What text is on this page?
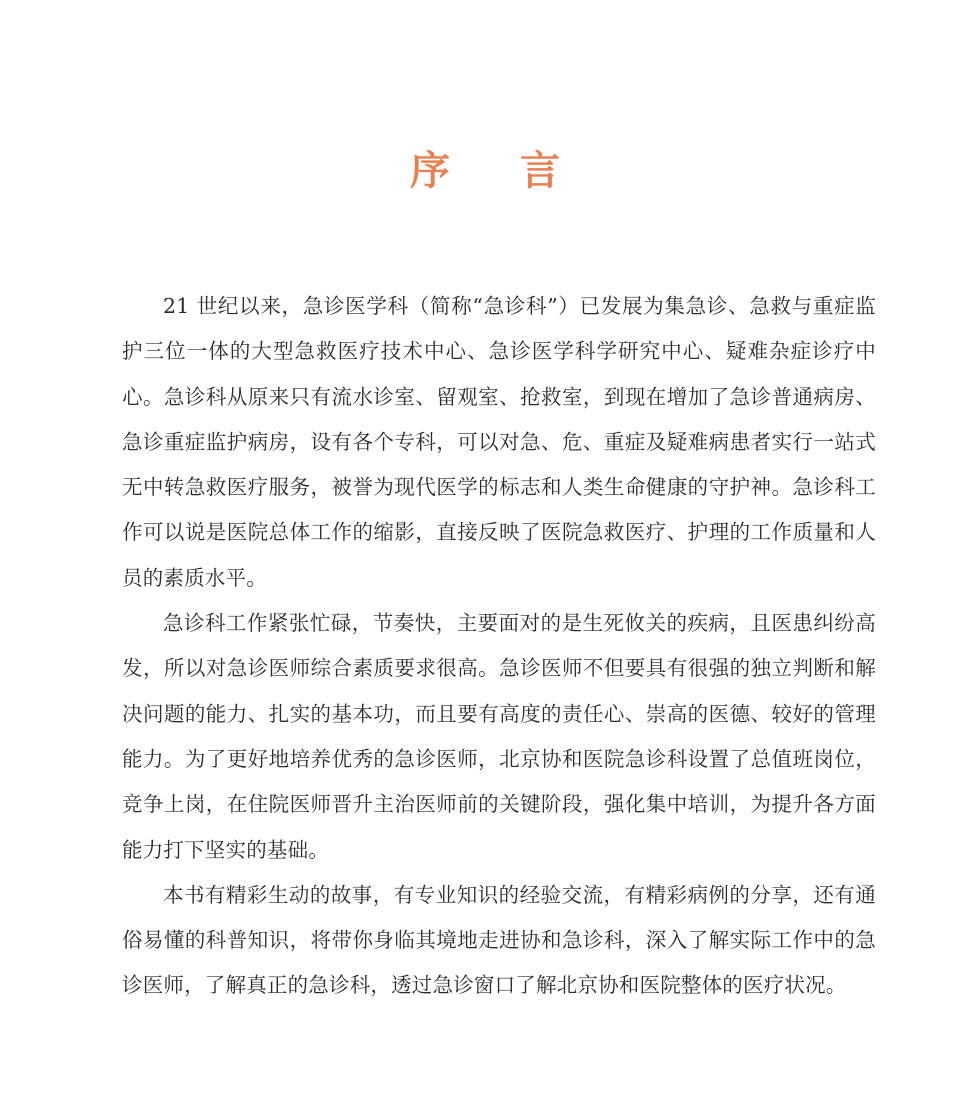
序 言

21 世纪以来，急诊医学科（简称“急诊科”）已发展为集急诊、急救与重症监护三位一体的大型急救医疗技术中心、急诊医学科学研究中心、疑难杂症诊疗中心。急诊科从原来只有流水诊室、留观室、抢救室，到现在增加了急诊普通病房、急诊重症监护病房，设有各个专科，可以对急、危、重症及疑难病患者实行一站式无中转急救医疗服务，被誉为现代医学的标志和人类生命健康的守护神。急诊科工作可以说是医院总体工作的缩影，直接反映了医院急救医疗、护理的工作质量和人员的素质水平。

急诊科工作紧张忙碌，节奏快，主要面对的是生死攸关的疾病，且医患纠纷高发，所以对急诊医师综合素质要求很高。急诊医师不但要具有很强的独立判断和解决问题的能力、扎实的基本功，而且要有高度的责任心、崇高的医德、较好的管理能力。为了更好地培养优秀的急诊医师，北京协和医院急诊科设置了总值班岗位，竞争上岗，在住院医师晋升主治医师前的关键阶段，强化集中培训，为提升各方面能力打下坚实的基础。

本书有精彩生动的故事，有专业知识的经验交流，有精彩病例的分享，还有通俗易懂的科普知识，将带你身临其境地走进协和急诊科，深入了解实际工作中的急诊医师，了解真正的急诊科，透过急诊窗口了解北京协和医院整体的医疗状况。
